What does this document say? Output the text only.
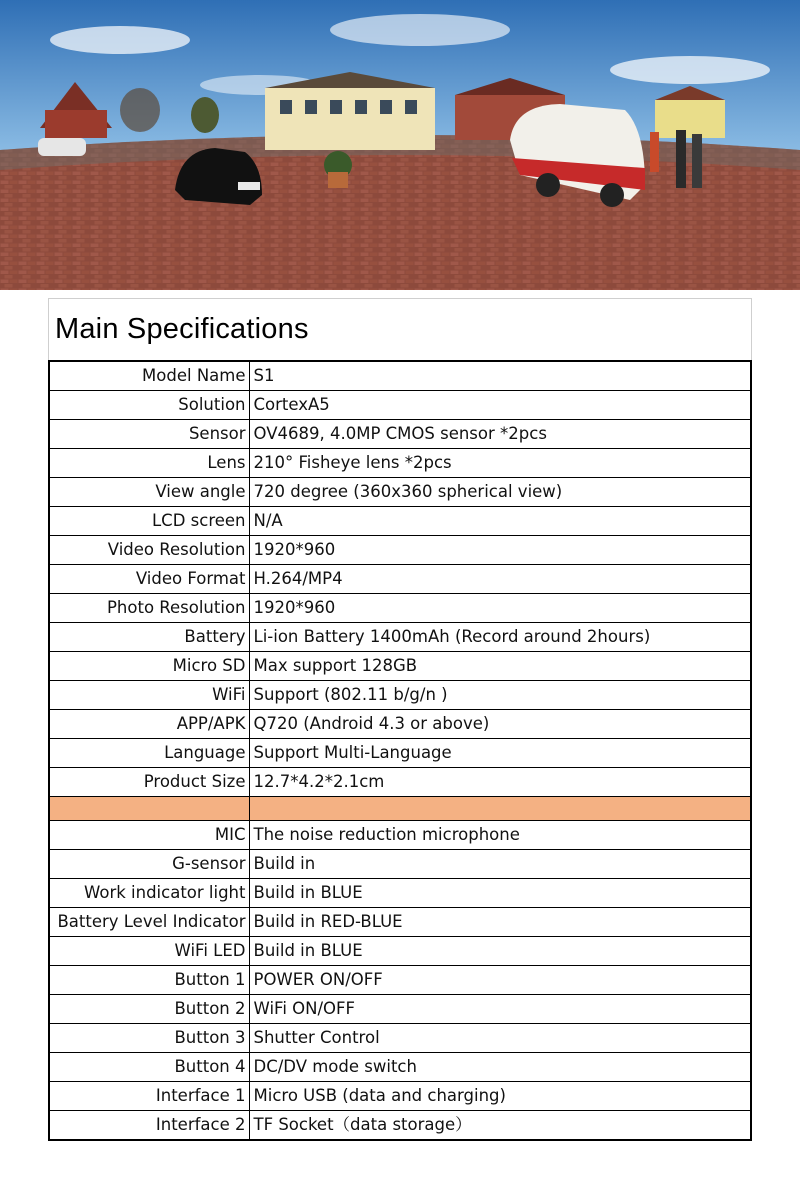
Main Specifications
Model Name	S1
Solution	CortexA5
Sensor	OV4689, 4.0MP CMOS sensor *2pcs
Lens	210° Fisheye lens *2pcs
View angle	720 degree (360x360 spherical view)
LCD screen	N/A
Video Resolution	1920*960
Video Format	H.264/MP4
Photo Resolution	1920*960
Battery	Li-ion Battery 1400mAh (Record around 2hours)
Micro SD	Max support 128GB
WiFi	Support (802.11 b/g/n )
APP/APK	Q720 (Android 4.3 or above)
Language	Support Multi-Language
Product Size	12.7*4.2*2.1cm

MIC	The noise reduction microphone
G-sensor	Build in
Work indicator light	Build in BLUE
Battery Level Indicator	Build in RED-BLUE
WiFi LED	Build in BLUE
Button 1	POWER ON/OFF
Button 2	WiFi ON/OFF
Button 3	Shutter Control
Button 4	DC/DV mode switch
Interface 1	Micro USB (data and charging)
Interface 2	TF Socket（data storage）
